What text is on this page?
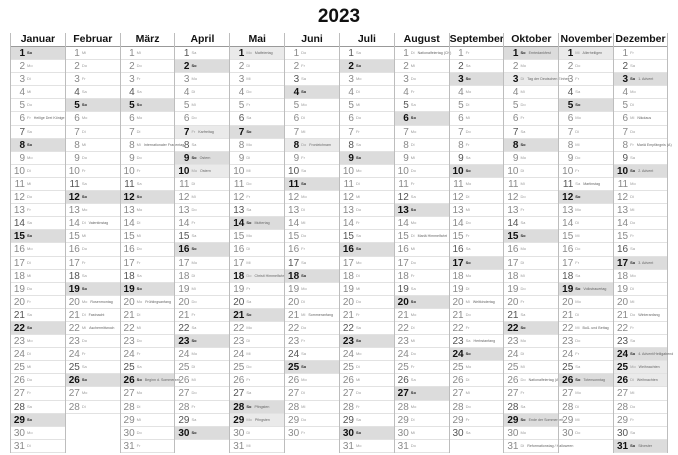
2023
Januar
1 $^{So}$
2 $^{Mo}$
3 $^{Di}$
4 $^{Mi}$
5 $^{Do}$
6 $^{Fr}$ $^{Heilige Drei Könige}$
7 $^{Sa}$
8 $^{So}$
9 $^{Mo}$
10 $^{Di}$
11 $^{Mi}$
12 $^{Do}$
13 $^{Fr}$
14 $^{Sa}$
15 $^{So}$
16 $^{Mo}$
17 $^{Di}$
18 $^{Mi}$
19 $^{Do}$
20 $^{Fr}$
21 $^{Sa}$
22 $^{So}$
23 $^{Mo}$
24 $^{Di}$
25 $^{Mi}$
26 $^{Do}$
27 $^{Fr}$
28 $^{Sa}$
29 $^{So}$
30 $^{Mo}$
31 $^{Di}$
Februar
1 $^{Mi}$
2 $^{Do}$
3 $^{Fr}$
4 $^{Sa}$
5 $^{So}$
6 $^{Mo}$
7 $^{Di}$
8 $^{Mi}$
9 $^{Do}$
10 $^{Fr}$
11 $^{Sa}$
12 $^{So}$
13 $^{Mo}$
14 $^{Di}$ $^{Valentinstag}$
15 $^{Mi}$
16 $^{Do}$
17 $^{Fr}$
18 $^{Sa}$
19 $^{So}$
20 $^{Mo}$ $^{Rosenmontag}$
21 $^{Di}$ $^{Fastnacht}$
22 $^{Mi}$ $^{Aschermittwoch}$
23 $^{Do}$
24 $^{Fr}$
25 $^{Sa}$
26 $^{So}$
27 $^{Mo}$
28 $^{Di}$
März
1 $^{Mi}$
2 $^{Do}$
3 $^{Fr}$
4 $^{Sa}$
5 $^{So}$
6 $^{Mo}$
7 $^{Di}$
8 $^{Mi}$ $^{Internationaler Frauentag}$
9 $^{Do}$
10 $^{Fr}$
11 $^{Sa}$
12 $^{So}$
13 $^{Mo}$
14 $^{Di}$
15 $^{Mi}$
16 $^{Do}$
17 $^{Fr}$
18 $^{Sa}$
19 $^{So}$
20 $^{Mo}$ $^{Frühlingsanfang}$
21 $^{Di}$
22 $^{Mi}$
23 $^{Do}$
24 $^{Fr}$
25 $^{Sa}$
26 $^{So}$ $^{Beginn d. Sommerzeit}$
27 $^{Mo}$
28 $^{Di}$
29 $^{Mi}$
30 $^{Do}$
31 $^{Fr}$
April
1 $^{Sa}$
2 $^{So}$
3 $^{Mo}$
4 $^{Di}$
5 $^{Mi}$
6 $^{Do}$
7 $^{Fr}$ $^{Karfreitag}$
8 $^{Sa}$
9 $^{So}$ $^{Ostern}$
10 $^{Mo}$ $^{Ostern}$
11 $^{Di}$
12 $^{Mi}$
13 $^{Do}$
14 $^{Fr}$
15 $^{Sa}$
16 $^{So}$
17 $^{Mo}$
18 $^{Di}$
19 $^{Mi}$
20 $^{Do}$
21 $^{Fr}$
22 $^{Sa}$
23 $^{So}$
24 $^{Mo}$
25 $^{Di}$
26 $^{Mi}$
27 $^{Do}$
28 $^{Fr}$
29 $^{Sa}$
30 $^{So}$
Mai
1 $^{Mo}$ $^{Maifeiertag}$
2 $^{Di}$
3 $^{Mi}$
4 $^{Do}$
5 $^{Fr}$
6 $^{Sa}$
7 $^{So}$
8 $^{Mo}$
9 $^{Di}$
10 $^{Mi}$
11 $^{Do}$
12 $^{Fr}$
13 $^{Sa}$
14 $^{So}$ $^{Muttertag}$
15 $^{Mo}$
16 $^{Di}$
17 $^{Mi}$
18 $^{Do}$ $^{Christi Himmelfahrt}$
19 $^{Fr}$
20 $^{Sa}$
21 $^{So}$
22 $^{Mo}$
23 $^{Di}$
24 $^{Mi}$
25 $^{Do}$
26 $^{Fr}$
27 $^{Sa}$
28 $^{So}$ $^{Pfingsten}$
29 $^{Mo}$ $^{Pfingsten}$
30 $^{Di}$
31 $^{Mi}$
Juni
1 $^{Do}$
2 $^{Fr}$
3 $^{Sa}$
4 $^{So}$
5 $^{Mo}$
6 $^{Di}$
7 $^{Mi}$
8 $^{Do}$ $^{Fronleichnam}$
9 $^{Fr}$
10 $^{Sa}$
11 $^{So}$
12 $^{Mo}$
13 $^{Di}$
14 $^{Mi}$
15 $^{Do}$
16 $^{Fr}$
17 $^{Sa}$
18 $^{So}$
19 $^{Mo}$
20 $^{Di}$
21 $^{Mi}$ $^{Sommeranfang}$
22 $^{Do}$
23 $^{Fr}$
24 $^{Sa}$
25 $^{So}$
26 $^{Mo}$
27 $^{Di}$
28 $^{Mi}$
29 $^{Do}$
30 $^{Fr}$
Juli
1 $^{Sa}$
2 $^{So}$
3 $^{Mo}$
4 $^{Di}$
5 $^{Mi}$
6 $^{Do}$
7 $^{Fr}$
8 $^{Sa}$
9 $^{So}$
10 $^{Mo}$
11 $^{Di}$
12 $^{Mi}$
13 $^{Do}$
14 $^{Fr}$
15 $^{Sa}$
16 $^{So}$
17 $^{Mo}$
18 $^{Di}$
19 $^{Mi}$
20 $^{Do}$
21 $^{Fr}$
22 $^{Sa}$
23 $^{So}$
24 $^{Mo}$
25 $^{Di}$
26 $^{Mi}$
27 $^{Do}$
28 $^{Fr}$
29 $^{Sa}$
30 $^{So}$
31 $^{Mo}$
August
1 $^{Di}$ $^{Nationalfeiertag (CH)}$
2 $^{Mi}$
3 $^{Do}$
4 $^{Fr}$
5 $^{Sa}$
6 $^{So}$
7 $^{Mo}$
8 $^{Di}$
9 $^{Mi}$
10 $^{Do}$
11 $^{Fr}$
12 $^{Sa}$
13 $^{So}$
14 $^{Mo}$
15 $^{Di}$ $^{Mariä Himmelfahrt}$
16 $^{Mi}$
17 $^{Do}$
18 $^{Fr}$
19 $^{Sa}$
20 $^{So}$
21 $^{Mo}$
22 $^{Di}$
23 $^{Mi}$
24 $^{Do}$
25 $^{Fr}$
26 $^{Sa}$
27 $^{So}$
28 $^{Mo}$
29 $^{Di}$
30 $^{Mi}$
31 $^{Do}$
September
1 $^{Fr}$
2 $^{Sa}$
3 $^{So}$
4 $^{Mo}$
5 $^{Di}$
6 $^{Mi}$
7 $^{Do}$
8 $^{Fr}$
9 $^{Sa}$
10 $^{So}$
11 $^{Mo}$
12 $^{Di}$
13 $^{Mi}$
14 $^{Do}$
15 $^{Fr}$
16 $^{Sa}$
17 $^{So}$
18 $^{Mo}$
19 $^{Di}$
20 $^{Mi}$ $^{Weltkindertag}$
21 $^{Do}$
22 $^{Fr}$
23 $^{Sa}$ $^{Herbstanfang}$
24 $^{So}$
25 $^{Mo}$
26 $^{Di}$
27 $^{Mi}$
28 $^{Do}$
29 $^{Fr}$
30 $^{Sa}$
Oktober
1 $^{So}$ $^{Erntedankfest}$
2 $^{Mo}$
3 $^{Di}$ $^{Tag der Deutschen Einheit}$
4 $^{Mi}$
5 $^{Do}$
6 $^{Fr}$
7 $^{Sa}$
8 $^{So}$
9 $^{Mo}$
10 $^{Di}$
11 $^{Mi}$
12 $^{Do}$
13 $^{Fr}$
14 $^{Sa}$
15 $^{So}$
16 $^{Mo}$
17 $^{Di}$
18 $^{Mi}$
19 $^{Do}$
20 $^{Fr}$
21 $^{Sa}$
22 $^{So}$
23 $^{Mo}$
24 $^{Di}$
25 $^{Mi}$
26 $^{Do}$ $^{Nationalfeiertag (A)}$
27 $^{Fr}$
28 $^{Sa}$
29 $^{So}$ $^{Ende der Sommerzeit}$
30 $^{Mo}$
31 $^{Di}$ $^{Reformationstag / Halloween}$
November
1 $^{Mi}$ $^{Allerheiligen}$
2 $^{Do}$
3 $^{Fr}$
4 $^{Sa}$
5 $^{So}$
6 $^{Mo}$
7 $^{Di}$
8 $^{Mi}$
9 $^{Do}$
10 $^{Fr}$
11 $^{Sa}$ $^{Martinstag}$
12 $^{So}$
13 $^{Mo}$
14 $^{Di}$
15 $^{Mi}$
16 $^{Do}$
17 $^{Fr}$
18 $^{Sa}$
19 $^{So}$ $^{Volkstrauertag}$
20 $^{Mo}$
21 $^{Di}$
22 $^{Mi}$ $^{Buß- und Bettag}$
23 $^{Do}$
24 $^{Fr}$
25 $^{Sa}$
26 $^{So}$ $^{Totensonntag}$
27 $^{Mo}$
28 $^{Di}$
29 $^{Mi}$
30 $^{Do}$
Dezember
1 $^{Fr}$
2 $^{Sa}$
3 $^{So}$ $^{1. Advent}$
4 $^{Mo}$
5 $^{Di}$
6 $^{Mi}$ $^{Nikolaus}$
7 $^{Do}$
8 $^{Fr}$ $^{Mariä Empfängnis (A)}$
9 $^{Sa}$
10 $^{So}$ $^{2. Advent}$
11 $^{Mo}$
12 $^{Di}$
13 $^{Mi}$
14 $^{Do}$
15 $^{Fr}$
16 $^{Sa}$
17 $^{So}$ $^{3. Advent}$
18 $^{Mo}$
19 $^{Di}$
20 $^{Mi}$
21 $^{Do}$ $^{Winteranfang}$
22 $^{Fr}$
23 $^{Sa}$
24 $^{So}$ $^{4. Advent/Heiligabend}$
25 $^{Mo}$ $^{Weihnachten}$
26 $^{Di}$ $^{Weihnachten}$
27 $^{Mi}$
28 $^{Do}$
29 $^{Fr}$
30 $^{Sa}$
31 $^{So}$ $^{Silvester}$
